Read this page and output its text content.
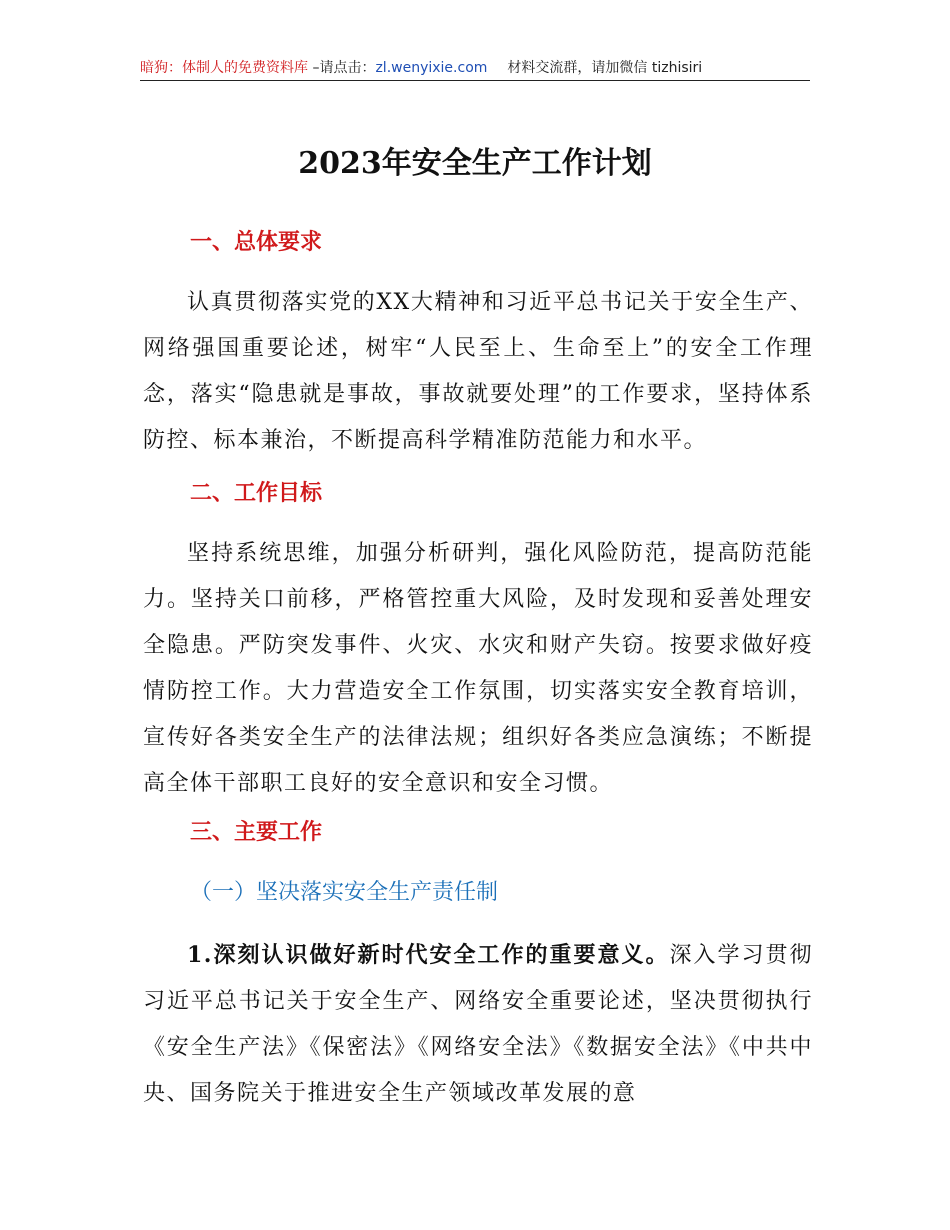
暗狗：体制人的免费资料库 –请点击：zl.wenyixie.com 材料交流群，请加微信 tizhisiri
2023年安全生产工作计划
一、总体要求
认真贯彻落实党的XX大精神和习近平总书记关于安全生产、网络强国重要论述，树牢“人民至上、生命至上”的安全工作理念，落实“隐患就是事故，事故就要处理”的工作要求，坚持体系防控、标本兼治，不断提高科学精准防范能力和水平。
二、工作目标
坚持系统思维，加强分析研判，强化风险防范，提高防范能力。坚持关口前移，严格管控重大风险，及时发现和妥善处理安全隐患。严防突发事件、火灾、水灾和财产失窃。按要求做好疫情防控工作。大力营造安全工作氛围，切实落实安全教育培训，宣传好各类安全生产的法律法规；组织好各类应急演练；不断提高全体干部职工良好的安全意识和安全习惯。
三、主要工作
（一）坚决落实安全生产责任制
1.深刻认识做好新时代安全工作的重要意义。深入学习贯彻习近平总书记关于安全生产、网络安全重要论述，坚决贯彻执行《安全生产法》《保密法》《网络安全法》《数据安全法》《中共中央、国务院关于推进安全生产领域改革发展的意
